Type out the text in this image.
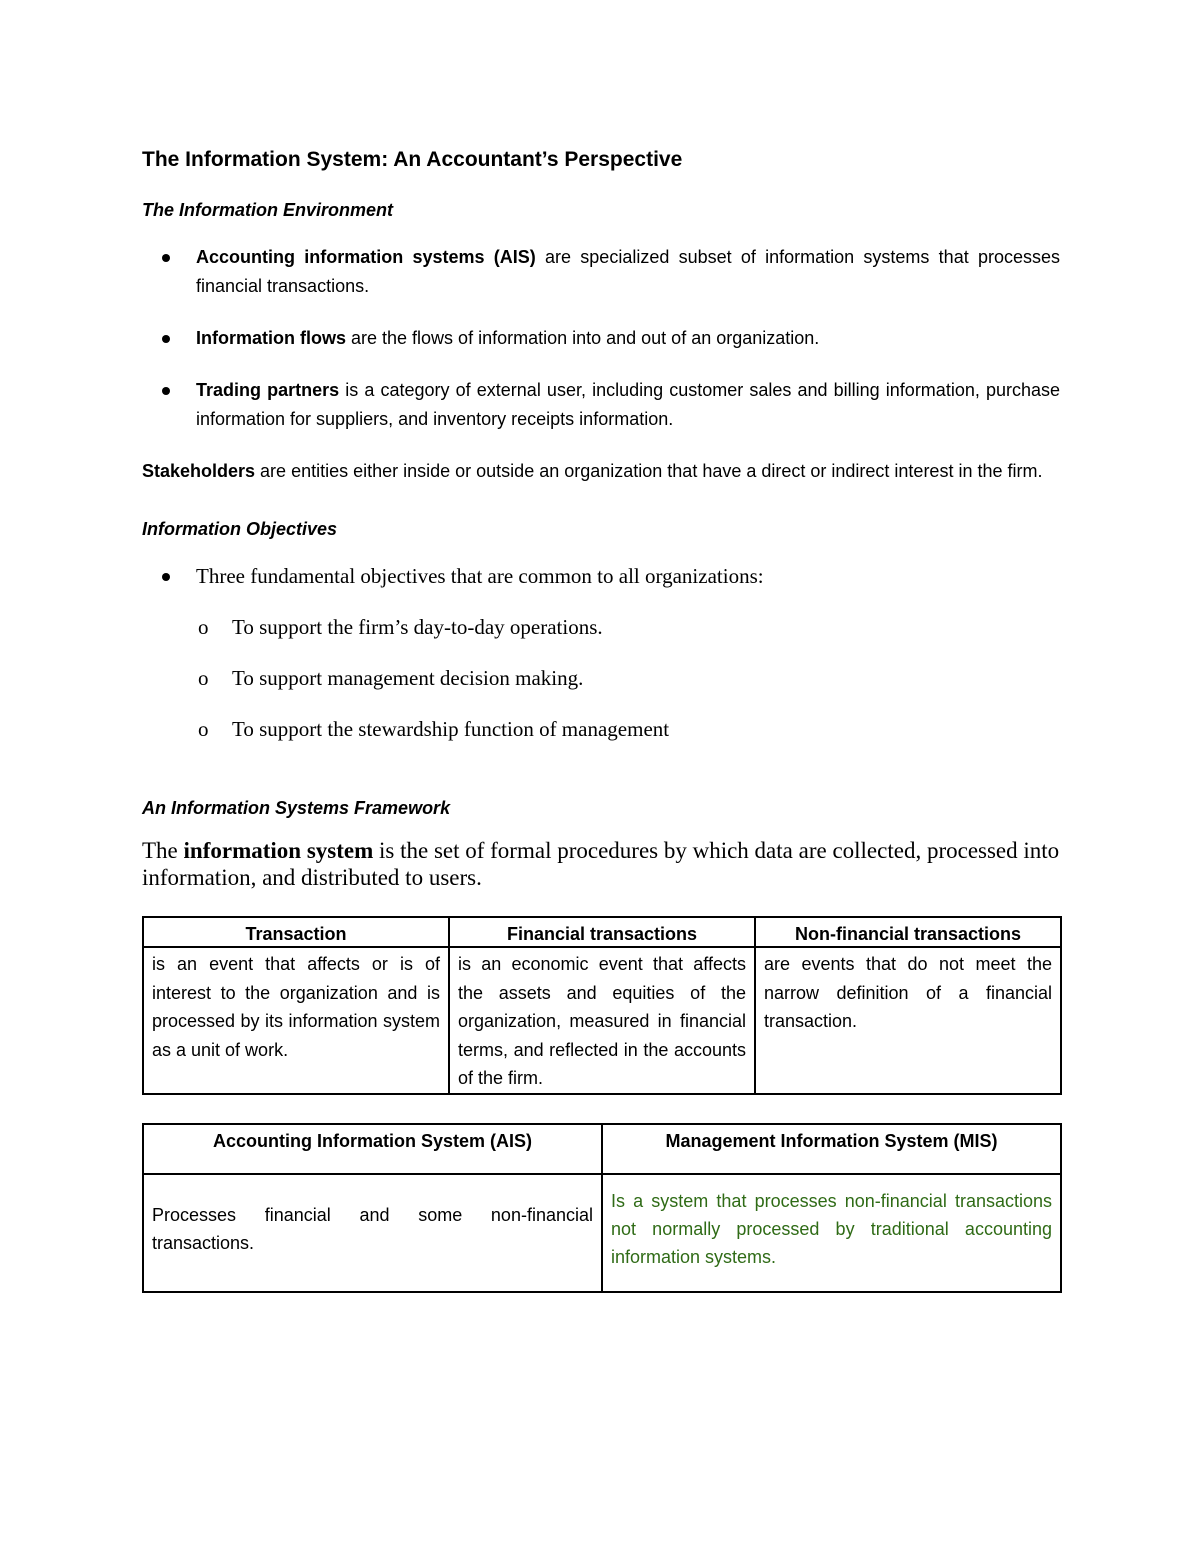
The Information System: An Accountant’s Perspective
The Information Environment
Accounting information systems (AIS) are specialized subset of information systems that processes financial transactions.
Information flows are the flows of information into and out of an organization.
Trading partners is a category of external user, including customer sales and billing information, purchase information for suppliers, and inventory receipts information.

Stakeholders are entities either inside or outside an organization that have a direct or indirect interest in the firm.

Information Objectives
Three fundamental objectives that are common to all organizations:
o To support the firm’s day-to-day operations.
o To support management decision making.
o To support the stewardship function of management
An Information Systems Framework

The information system is the set of formal procedures by which data are collected, processed into information, and distributed to users.

Transaction	Financial transactions	Non-financial transactions
is an event that affects or is of interest to the organization and is processed by its information system as a unit of work.	is an economic event that affects the assets and equities of the organization, measured in financial terms, and reflected in the accounts of the firm.	are events that do not meet the narrow definition of a financial transaction.
Accounting Information System (AIS)	Management Information System (MIS)
Processes financial and some non-financial transactions.	Is a system that processes non-financial transactions not normally processed by traditional accounting information systems.
